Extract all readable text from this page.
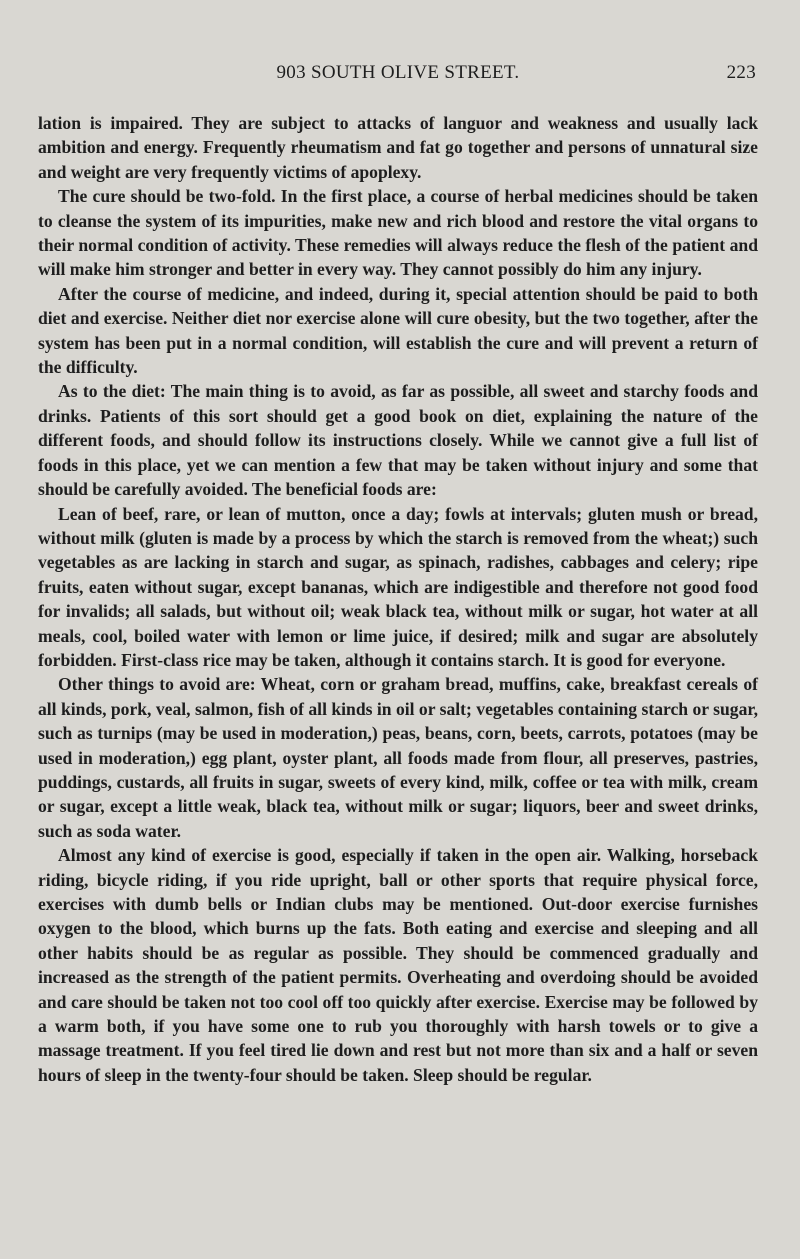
903 SOUTH OLIVE STREET.	223

lation is impaired. They are subject to attacks of languor and weakness and usually lack ambition and energy. Frequently rheumatism and fat go together and persons of unnatural size and weight are very frequently victims of apoplexy.

The cure should be two-fold. In the first place, a course of herbal medicines should be taken to cleanse the system of its impurities, make new and rich blood and restore the vital organs to their normal condition of activity. These remedies will always reduce the flesh of the patient and will make him stronger and better in every way. They cannot possibly do him any injury.

After the course of medicine, and indeed, during it, special attention should be paid to both diet and exercise. Neither diet nor exercise alone will cure obesity, but the two together, after the system has been put in a normal condition, will establish the cure and will prevent a return of the difficulty.

As to the diet: The main thing is to avoid, as far as possible, all sweet and starchy foods and drinks. Patients of this sort should get a good book on diet, explaining the nature of the different foods, and should follow its instructions closely. While we cannot give a full list of foods in this place, yet we can mention a few that may be taken without injury and some that should be carefully avoided. The beneficial foods are:

Lean of beef, rare, or lean of mutton, once a day; fowls at intervals; gluten mush or bread, without milk (gluten is made by a process by which the starch is removed from the wheat;) such vegetables as are lacking in starch and sugar, as spinach, radishes, cabbages and celery; ripe fruits, eaten without sugar, except bananas, which are indigestible and therefore not good food for invalids; all salads, but without oil; weak black tea, without milk or sugar, hot water at all meals, cool, boiled water with lemon or lime juice, if desired; milk and sugar are absolutely forbidden. First-class rice may be taken, although it contains starch. It is good for everyone.

Other things to avoid are: Wheat, corn or graham bread, muffins, cake, breakfast cereals of all kinds, pork, veal, salmon, fish of all kinds in oil or salt; vegetables containing starch or sugar, such as turnips (may be used in moderation,) peas, beans, corn, beets, carrots, potatoes (may be used in moderation,) egg plant, oyster plant, all foods made from flour, all preserves, pastries, puddings, custards, all fruits in sugar, sweets of every kind, milk, coffee or tea with milk, cream or sugar, except a little weak, black tea, without milk or sugar; liquors, beer and sweet drinks, such as soda water.

Almost any kind of exercise is good, especially if taken in the open air. Walking, horseback riding, bicycle riding, if you ride upright, ball or other sports that require physical force, exercises with dumb bells or Indian clubs may be mentioned. Out-door exercise furnishes oxygen to the blood, which burns up the fats. Both eating and exercise and sleeping and all other habits should be as regular as possible. They should be commenced gradually and increased as the strength of the patient permits. Overheating and overdoing should be avoided and care should be taken not too cool off too quickly after exercise. Exercise may be followed by a warm both, if you have some one to rub you thoroughly with harsh towels or to give a massage treatment. If you feel tired lie down and rest but not more than six and a half or seven hours of sleep in the twenty-four should be taken. Sleep should be regular.
